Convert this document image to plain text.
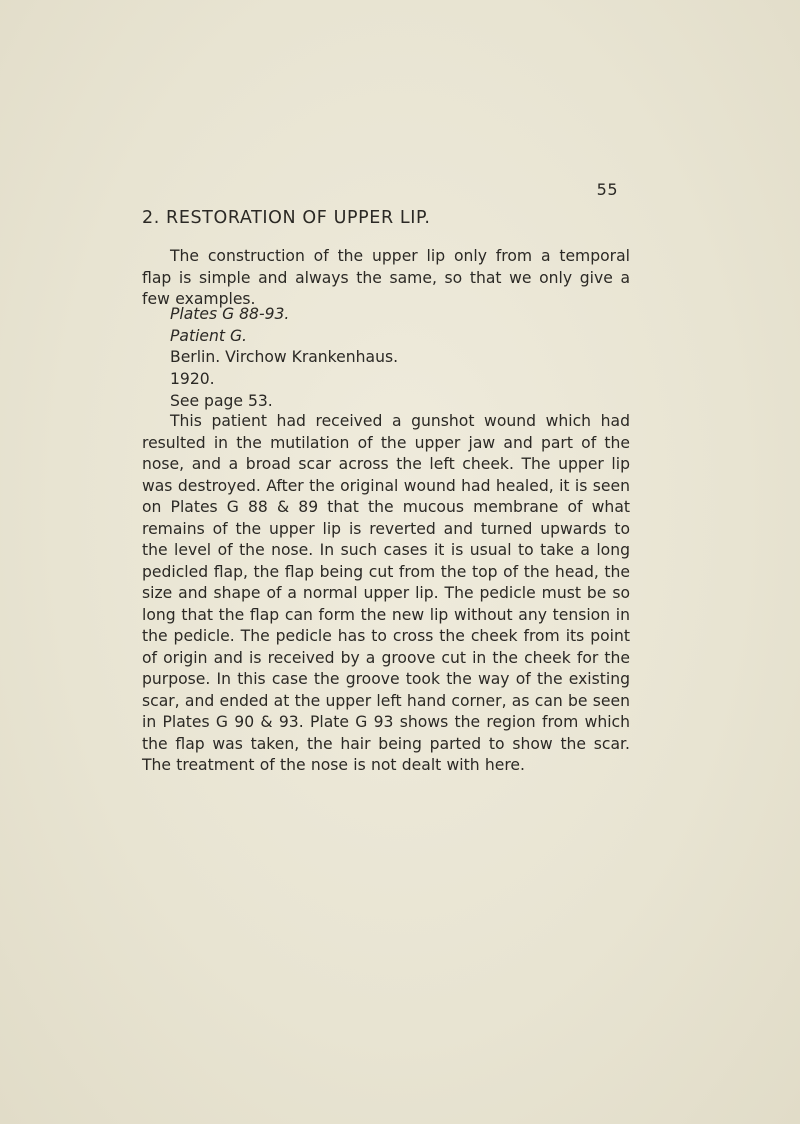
55
2. RESTORATION OF UPPER LIP.

The construction of the upper lip only from a temporal flap is simple and always the same, so that we only give a few examples.

Plates G 88-93.
Patient G.
Berlin. Virchow Krankenhaus.
1920.
See page 53.

This patient had received a gunshot wound which had resulted in the mutilation of the upper jaw and part of the nose, and a broad scar across the left cheek. The upper lip was destroyed. After the original wound had healed, it is seen on Plates G 88 & 89 that the mucous membrane of what remains of the upper lip is reverted and turned upwards to the level of the nose. In such cases it is usual to take a long pedicled flap, the flap being cut from the top of the head, the size and shape of a normal upper lip. The pedicle must be so long that the flap can form the new lip without any tension in the pedicle. The pedicle has to cross the cheek from its point of origin and is received by a groove cut in the cheek for the purpose. In this case the groove took the way of the existing scar, and ended at the upper left hand corner, as can be seen in Plates G 90 & 93. Plate G 93 shows the region from which the flap was taken, the hair being parted to show the scar. The treatment of the nose is not dealt with here.
